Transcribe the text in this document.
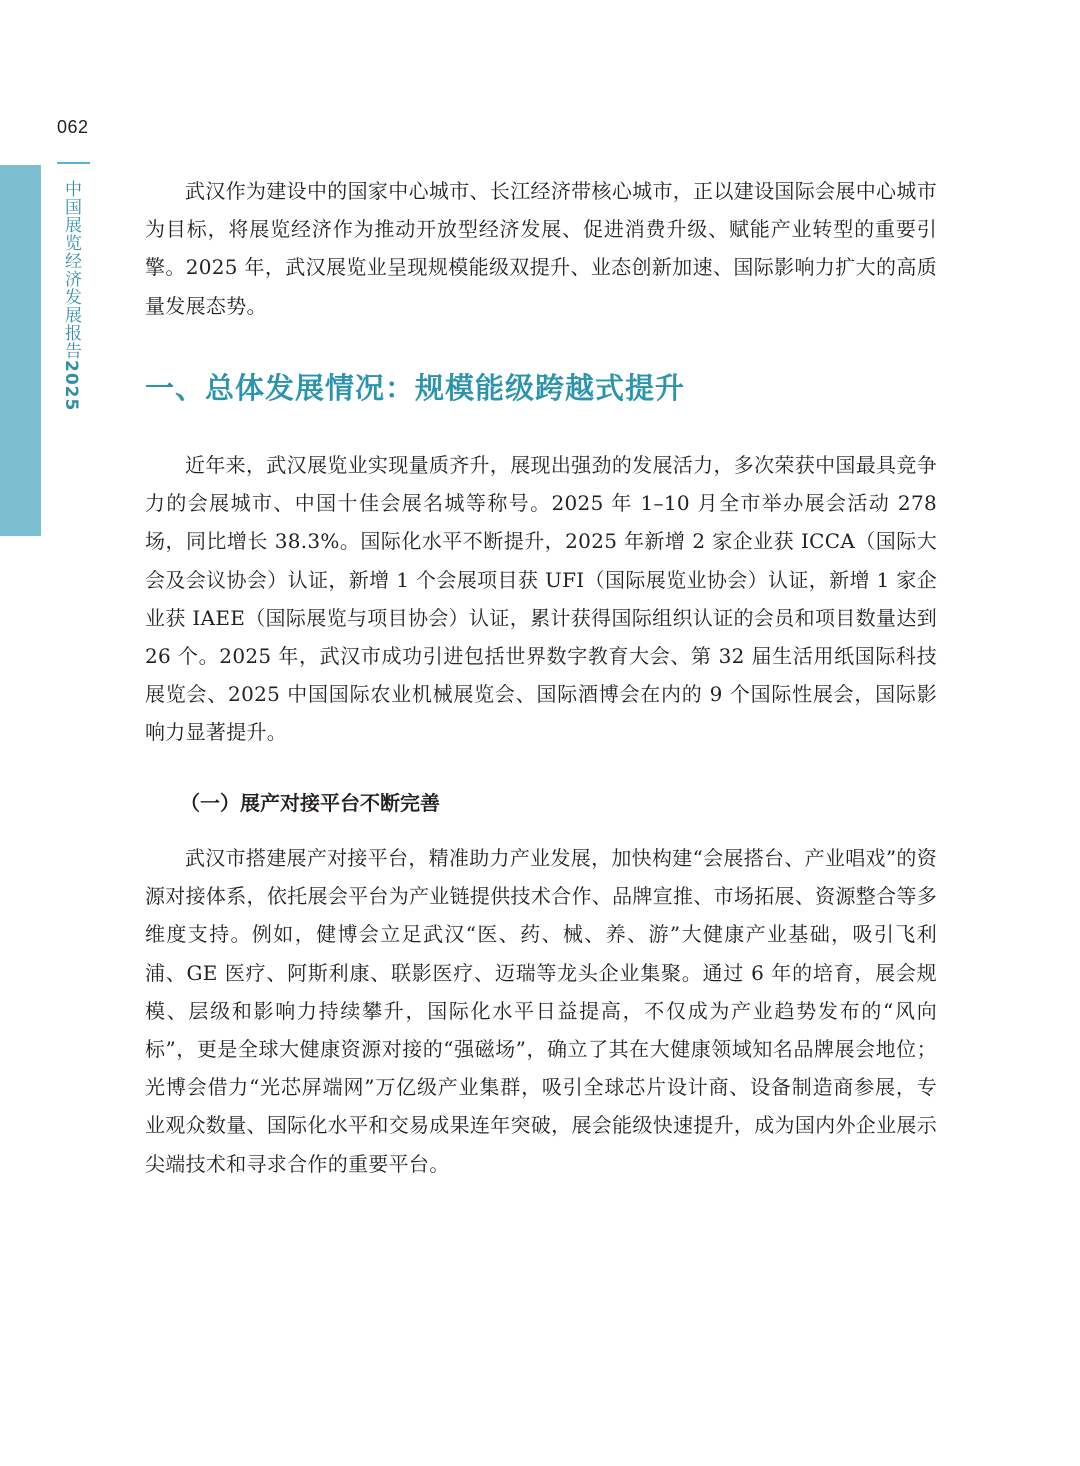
062
中国展览经济发展报告2025

武汉作为建设中的国家中心城市、长江经济带核心城市，正以建设国际会展中心城市为目标，将展览经济作为推动开放型经济发展、促进消费升级、赋能产业转型的重要引擎。2025 年，武汉展览业呈现规模能级双提升、业态创新加速、国际影响力扩大的高质量发展态势。

一、总体发展情况：规模能级跨越式提升

近年来，武汉展览业实现量质齐升，展现出强劲的发展活力，多次荣获中国最具竞争力的会展城市、中国十佳会展名城等称号。2025 年 1–10 月全市举办展会活动 278 场，同比增长 38.3%。国际化水平不断提升，2025 年新增 2 家企业获 ICCA（国际大会及会议协会）认证，新增 1 个会展项目获 UFI（国际展览业协会）认证，新增 1 家企业获 IAEE（国际展览与项目协会）认证，累计获得国际组织认证的会员和项目数量达到 26 个。2025 年，武汉市成功引进包括世界数字教育大会、第 32 届生活用纸国际科技展览会、2025 中国国际农业机械展览会、国际酒博会在内的 9 个国际性展会，国际影响力显著提升。

（一）展产对接平台不断完善

武汉市搭建展产对接平台，精准助力产业发展，加快构建“会展搭台、产业唱戏”的资源对接体系，依托展会平台为产业链提供技术合作、品牌宣推、市场拓展、资源整合等多维度支持。例如，健博会立足武汉“医、药、械、养、游”大健康产业基础，吸引飞利浦、GE 医疗、阿斯利康、联影医疗、迈瑞等龙头企业集聚。通过 6 年的培育，展会规模、层级和影响力持续攀升，国际化水平日益提高，不仅成为产业趋势发布的“风向标”，更是全球大健康资源对接的“强磁场”，确立了其在大健康领域知名品牌展会地位；光博会借力“光芯屏端网”万亿级产业集群，吸引全球芯片设计商、设备制造商参展，专业观众数量、国际化水平和交易成果连年突破，展会能级快速提升，成为国内外企业展示尖端技术和寻求合作的重要平台。
